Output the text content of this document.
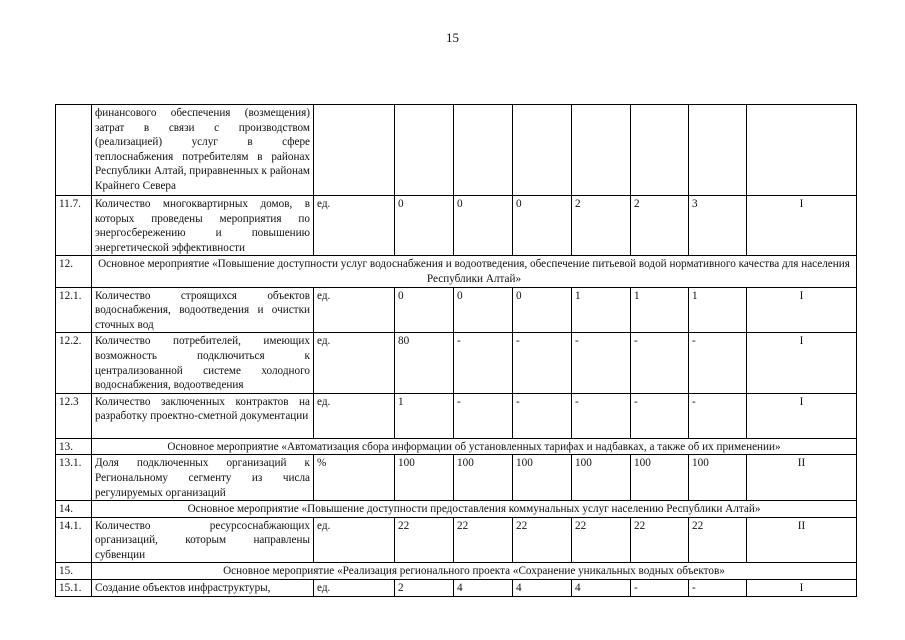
15
	финансового обеспечения (возмещения) затрат в связи с производством (реализацией) услуг в сфере теплоснабжения потребителям в районах Республики Алтай, приравненных к районам Крайнего Севера								
11.7.	Количество многоквартирных домов, в которых проведены мероприятия по энергосбережению и повышению энергетической эффективности	ед.	0	0	0	2	2	3	I
12.	Основное мероприятие «Повышение доступности услуг водоснабжения и водоотведения, обеспечение питьевой водой нормативного качества для населения Республики Алтай»								
12.1.	Количество строящихся объектов водоснабжения, водоотведения и очистки сточных вод	ед.	0	0	0	1	1	1	I
12.2.	Количество потребителей, имеющих возможность подключиться к централизованной системе холодного водоснабжения, водоотведения	ед.	80	-	-	-	-	-	I
12.3	Количество заключенных контрактов на разработку проектно-сметной документации	ед.	1	-	-	-	-	-	I
13.	Основное мероприятие «Автоматизация сбора информации об установленных тарифах и надбавках, а также об их применении»								
13.1.	Доля подключенных организаций к Региональному сегменту из числа регулируемых организаций	%	100	100	100	100	100	100	II
14.	Основное мероприятие «Повышение доступности предоставления коммунальных услуг населению Республики Алтай»								
14.1.	Количество ресурсоснабжающих организаций, которым направлены субвенции	ед.	22	22	22	22	22	22	II
15.	Основное мероприятие «Реализация регионального проекта «Сохранение уникальных водных объектов»								
15.1.	Создание объектов инфраструктуры,	ед.	2	4	4	4	-	-	I
